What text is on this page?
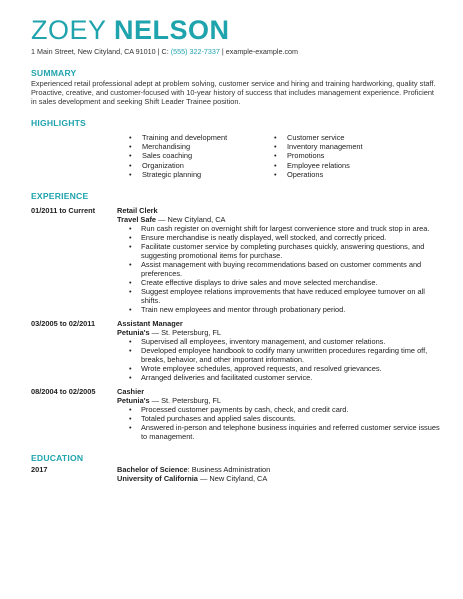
ZOEY NELSON
1 Main Street, New Cityland, CA 91010 | C: (555) 322-7337 | example-example.com
SUMMARY
Experienced retail professional adept at problem solving, customer service and hiring and training hardworking, quality staff. Proactive, creative, and customer-focused with 10-year history of success that includes management experience. Proficient in sales development and seeking Shift Leader Trainee position.
HIGHLIGHTS
• Training and development
• Merchandising
• Sales coaching
• Organization
• Strategic planning
• Customer service
• Inventory management
• Promotions
• Employee relations
• Operations
EXPERIENCE
01/2011 to Current	Retail Clerk
Travel Safe — New Cityland, CA
• Run cash register on overnight shift for largest convenience store and truck stop in area.
• Ensure merchandise is neatly displayed, well stocked, and correctly priced.
• Facilitate customer service by completing purchases quickly, answering questions, and suggesting promotional items for purchase.
• Assist management with buying recommendations based on customer comments and preferences.
• Create effective displays to drive sales and move selected merchandise.
• Suggest employee relations improvements that have reduced employee turnover on all shifts.
• Train new employees and mentor through probationary period.
03/2005 to 02/2011	Assistant Manager
Petunia's — St. Petersburg, FL
• Supervised all employees, inventory management, and customer relations.
• Developed employee handbook to codify many unwritten procedures regarding time off, breaks, behavior, and other important information.
• Wrote employee schedules, approved requests, and resolved grievances.
• Arranged deliveries and facilitated customer service.
08/2004 to 02/2005	Cashier
Petunia's — St. Petersburg, FL
• Processed customer payments by cash, check, and credit card.
• Totaled purchases and applied sales discounts.
• Answered in-person and telephone business inquiries and referred customer service issues to management.
EDUCATION
2017	Bachelor of Science: Business Administration
University of California — New Cityland, CA
